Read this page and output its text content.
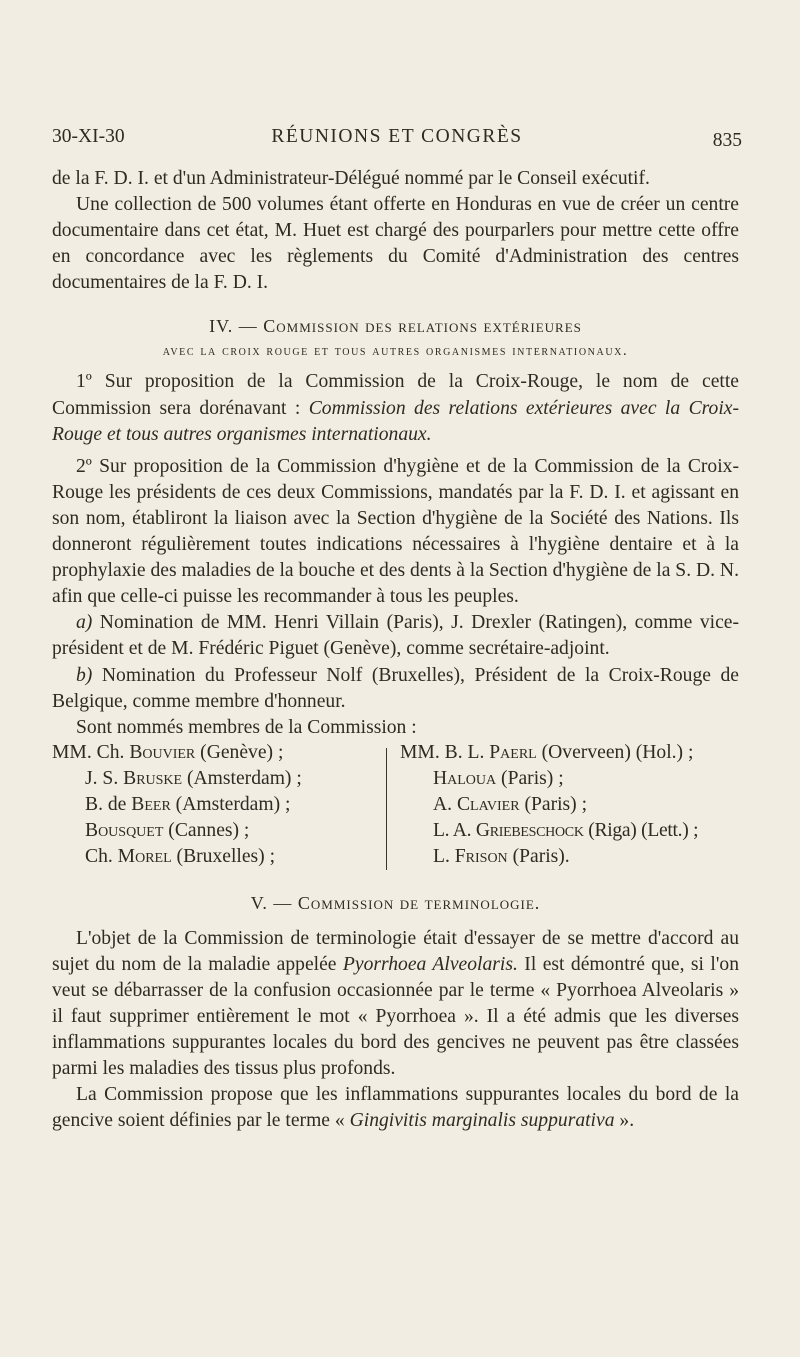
30-XI-30	RÉUNIONS ET CONGRÈS	835

de la F. D. I. et d'un Administrateur-Délégué nommé par le Conseil exécutif.

Une collection de 500 volumes étant offerte en Honduras en vue de créer un centre documentaire dans cet état, M. Huet est chargé des pourparlers pour mettre cette offre en concordance avec les règlements du Comité d'Administration des centres documentaires de la F. D. I.

IV. — Commission des relations extérieures
avec la croix rouge et tous autres organismes internationaux.

1º Sur proposition de la Commission de la Croix-Rouge, le nom de cette Commission sera dorénavant : Commission des relations extérieures avec la Croix-Rouge et tous autres organismes internationaux.

2º Sur proposition de la Commission d'hygiène et de la Commission de la Croix-Rouge les présidents de ces deux Commissions, mandatés par la F. D. I. et agissant en son nom, établiront la liaison avec la Section d'hygiène de la Société des Nations. Ils donneront régulièrement toutes indications nécessaires à l'hygiène dentaire et à la prophylaxie des maladies de la bouche et des dents à la Section d'hygiène de la S. D. N. afin que celle-ci puisse les recommander à tous les peuples.

a) Nomination de MM. Henri Villain (Paris), J. Drexler (Ratingen), comme vice-président et de M. Frédéric Piguet (Genève), comme secrétaire-adjoint.

b) Nomination du Professeur Nolf (Bruxelles), Président de la Croix-Rouge de Belgique, comme membre d'honneur.

Sont nommés membres de la Commission :

MM. Ch. Bouvier (Genève) ;
J. S. Bruske (Amsterdam) ;
B. de Beer (Amsterdam) ;
Bousquet (Cannes) ;
Ch. Morel (Bruxelles) ;
MM. B. L. Paerl (Overveen) (Hol.) ;
Haloua (Paris) ;
A. Clavier (Paris) ;
L. A. Griebeschock (Riga) (Lett.) ;
L. Frison (Paris).
V. — Commission de terminologie.

L'objet de la Commission de terminologie était d'essayer de se mettre d'accord au sujet du nom de la maladie appelée Pyorrhoea Alveolaris. Il est démontré que, si l'on veut se débarrasser de la confusion occasionnée par le terme « Pyorrhoea Alveolaris » il faut supprimer entièrement le mot « Pyorrhoea ». Il a été admis que les diverses inflammations suppurantes locales du bord des gencives ne peuvent pas être classées parmi les maladies des tissus plus profonds.

La Commission propose que les inflammations suppurantes locales du bord de la gencive soient définies par le terme « Gingivitis marginalis suppurativa ».
